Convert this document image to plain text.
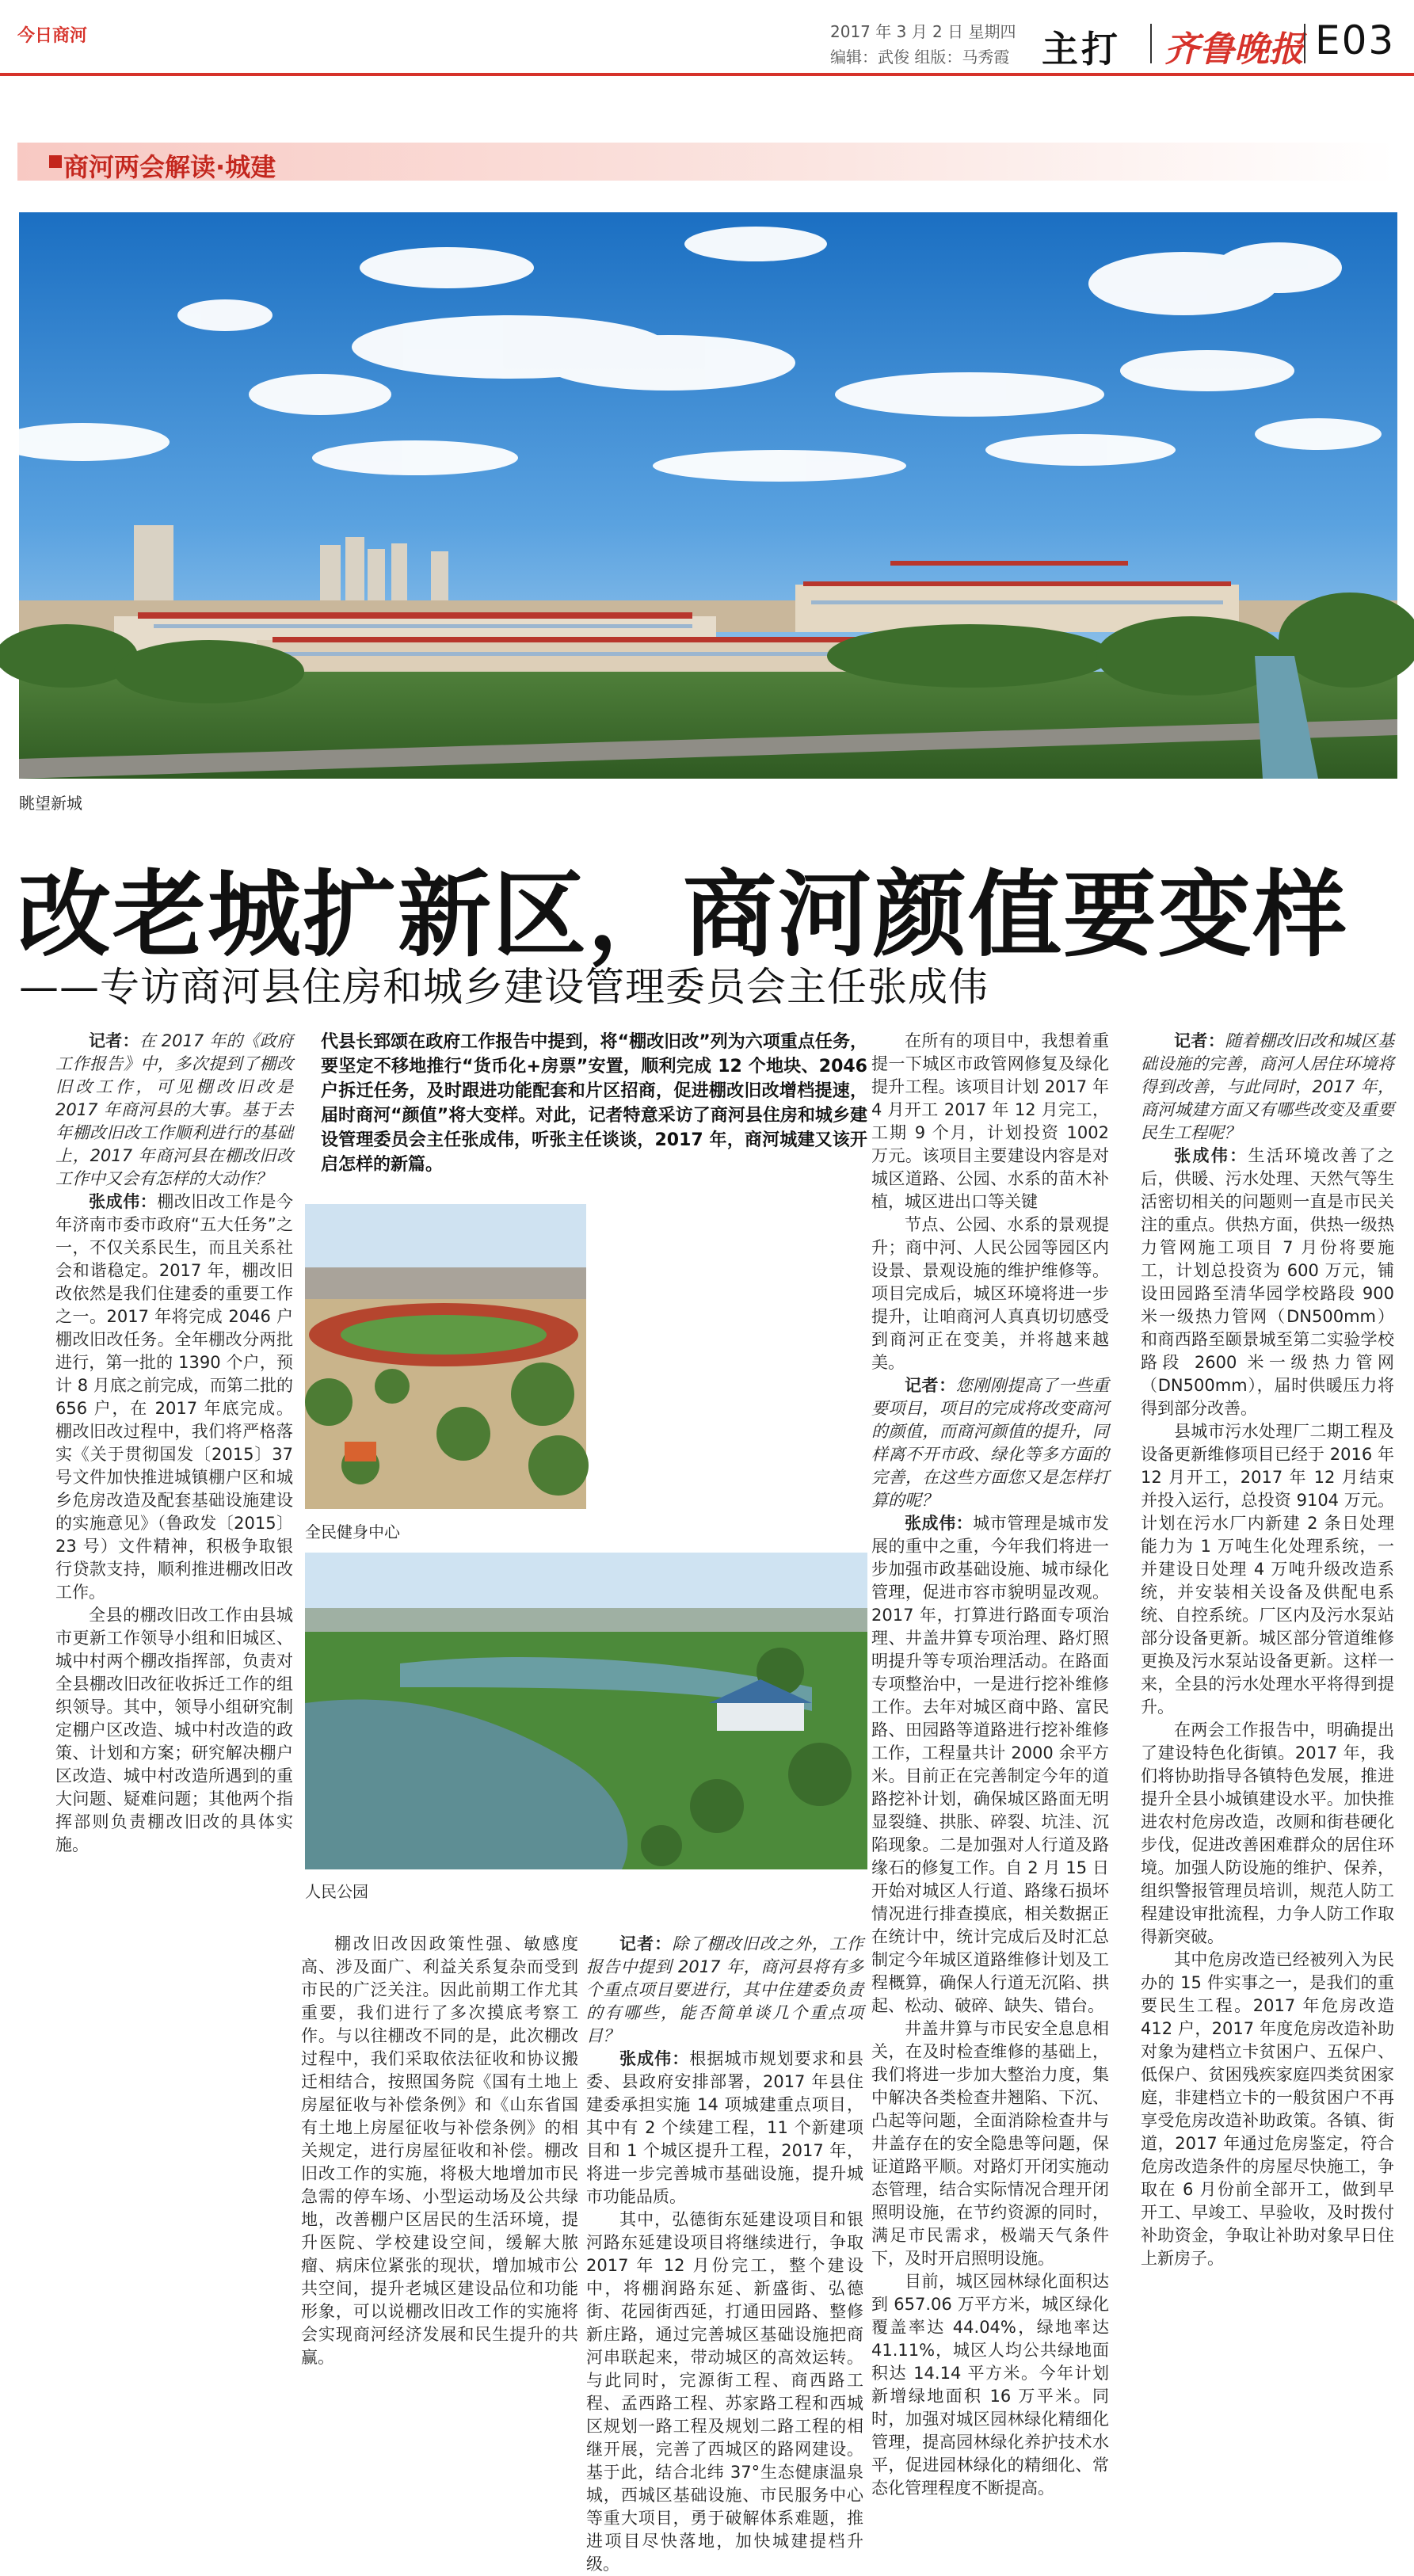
今日商河	2017 年 3 月 2 日 星期四
编辑：武俊 组版：马秀霞 主打 齐鲁晚报 E03
商河两会解读·城建
眺望新城
改老城扩新区，商河颜值要变样
——专访商河县住房和城乡建设管理委员会主任张成伟

记者：在 2017 年的《政府工作报告》中，多次提到了棚改旧改工作，可见棚改旧改是 2017 年商河县的大事。基于去年棚改旧改工作顺利进行的基础上，2017 年商河县在棚改旧改工作中又会有怎样的大动作？

张成伟：棚改旧改工作是今年济南市委市政府“五大任务”之一，不仅关系民生，而且关系社会和谐稳定。2017 年，棚改旧改依然是我们住建委的重要工作之一。2017 年将完成 2046 户棚改旧改任务。全年棚改分两批进行，第一批的 1390 个户，预计 8 月底之前完成，而第二批的 656 户，在 2017 年底完成。棚改旧改过程中，我们将严格落实《关于贯彻国发〔2015〕37 号文件加快推进城镇棚户区和城乡危房改造及配套基础设施建设的实施意见》（鲁政发〔2015〕23 号）文件精神，积极争取银行贷款支持，顺利推进棚改旧改工作。

全县的棚改旧改工作由县城市更新工作领导小组和旧城区、城中村两个棚改指挥部，负责对全县棚改旧改征收拆迁工作的组织领导。其中，领导小组研究制定棚户区改造、城中村改造的政策、计划和方案；研究解决棚户区改造、城中村改造所遇到的重大问题、疑难问题；其他两个指挥部则负责棚改旧改的具体实施。

代县长郅颂在政府工作报告中提到，将“棚改旧改”列为六项重点任务，要坚定不移地推行“货币化+房票”安置，顺利完成 12 个地块、2046 户拆迁任务，及时跟进功能配套和片区招商，促进棚改旧改增档提速，届时商河“颜值”将大变样。对此，记者特意采访了商河县住房和城乡建设管理委员会主任张成伟，听张主任谈谈，2017 年，商河城建又该开启怎样的新篇。
全民健身中心
人民公园

棚改旧改因政策性强、敏感度高、涉及面广、利益关系复杂而受到市民的广泛关注。因此前期工作尤其重要，我们进行了多次摸底考察工作。与以往棚改不同的是，此次棚改过程中，我们采取依法征收和协议搬迁相结合，按照国务院《国有土地上房屋征收与补偿条例》和《山东省国有土地上房屋征收与补偿条例》的相关规定，进行房屋征收和补偿。棚改旧改工作的实施，将极大地增加市民急需的停车场、小型运动场及公共绿地，改善棚户区居民的生活环境，提升医院、学校建设空间，缓解大脓瘤、病床位紧张的现状，增加城市公共空间，提升老城区建设品位和功能形象，可以说棚改旧改工作的实施将会实现商河经济发展和民生提升的共赢。

记者：除了棚改旧改之外，工作报告中提到 2017 年，商河县将有多个重点项目要进行，其中住建委负责的有哪些，能否简单谈几个重点项目？

张成伟：根据城市规划要求和县委、县政府安排部署，2017 年县住建委承担实施 14 项城建重点项目，其中有 2 个续建工程，11 个新建项目和 1 个城区提升工程，2017 年，将进一步完善城市基础设施，提升城市功能品质。

其中，弘德街东延建设项目和银河路东延建设项目将继续进行，争取 2017 年 12 月份完工，整个建设中，将棚润路东延、新盛街、弘德街、花园街西延，打通田园路、整修新庄路，通过完善城区基础设施把商河串联起来，带动城区的高效运转。与此同时，完源街工程、商西路工程、孟西路工程、苏家路工程和西城区规划一路工程及规划二路工程的相继开展，完善了西城区的路网建设。基于此，结合北纬 37°生态健康温泉城，西城区基础设施、市民服务中心等重大项目，勇于破解体系难题，推进项目尽快落地，加快城建提档升级。

在所有的项目中，我想着重提一下城区市政管网修复及绿化提升工程。该项目计划 2017 年 4 月开工 2017 年 12 月完工，工期 9 个月，计划投资 1002 万元。该项目主要建设内容是对城区道路、公园、水系的苗木补植，城区进出口等关键

节点、公园、水系的景观提升；商中河、人民公园等园区内设景、景观设施的维护维修等。项目完成后，城区环境将进一步提升，让咱商河人真真切切感受到商河正在变美，并将越来越美。

记者：您刚刚提高了一些重要项目，项目的完成将改变商河的颜值，而商河颜值的提升，同样离不开市政、绿化等多方面的完善，在这些方面您又是怎样打算的呢？

张成伟：城市管理是城市发展的重中之重，今年我们将进一步加强市政基础设施、城市绿化管理，促进市容市貌明显改观。2017 年，打算进行路面专项治理、井盖井算专项治理、路灯照明提升等专项治理活动。在路面专项整治中，一是进行挖补维修工作。去年对城区商中路、富民路、田园路等道路进行挖补维修工作，工程量共计 2000 余平方米。目前正在完善制定今年的道路挖补计划，确保城区路面无明显裂缝、拱胀、碎裂、坑洼、沉陷现象。二是加强对人行道及路缘石的修复工作。自 2 月 15 日开始对城区人行道、路缘石损坏情况进行排查摸底，相关数据正在统计中，统计完成后及时汇总制定今年城区道路维修计划及工程概算，确保人行道无沉陷、拱起、松动、破碎、缺失、错台。

井盖井算与市民安全息息相关，在及时检查维修的基础上，我们将进一步加大整治力度，集中解决各类检查井翘陷、下沉、凸起等问题，全面消除检查井与井盖存在的安全隐患等问题，保证道路平顺。对路灯开闭实施动态管理，结合实际情况合理开闭照明设施，在节约资源的同时，满足市民需求，极端天气条件下，及时开启照明设施。

目前，城区园林绿化面积达到 657.06 万平方米，城区绿化覆盖率达 44.04%，绿地率达 41.11%，城区人均公共绿地面积达 14.14 平方米。今年计划新增绿地面积 16 万平米。同时，加强对城区园林绿化精细化管理，提高园林绿化养护技术水平，促进园林绿化的精细化、常态化管理程度不断提高。

记者：随着棚改旧改和城区基础设施的完善，商河人居住环境将得到改善，与此同时，2017 年，商河城建方面又有哪些改变及重要民生工程呢？

张成伟：生活环境改善了之后，供暖、污水处理、天然气等生活密切相关的问题则一直是市民关注的重点。供热方面，供热一级热力管网施工项目 7 月份将要施工，计划总投资为 600 万元，铺设田园路至清华园学校路段 900 米一级热力管网（DN500mm）和商西路至颐景城至第二实验学校路段 2600 米一级热力管网（DN500mm），届时供暖压力将得到部分改善。

县城市污水处理厂二期工程及设备更新维修项目已经于 2016 年 12 月开工，2017 年 12 月结束并投入运行，总投资 9104 万元。计划在污水厂内新建 2 条日处理能力为 1 万吨生化处理系统，一并建设日处理 4 万吨升级改造系统，并安装相关设备及供配电系统、自控系统。厂区内及污水泵站部分设备更新。城区部分管道维修更换及污水泵站设备更新。这样一来，全县的污水处理水平将得到提升。

在两会工作报告中，明确提出了建设特色化街镇。2017 年，我们将协助指导各镇特色发展，推进提升全县小城镇建设水平。加快推进农村危房改造，改厕和街巷硬化步伐，促进改善困难群众的居住环境。加强人防设施的维护、保养，组织警报管理员培训，规范人防工程建设审批流程，力争人防工作取得新突破。

其中危房改造已经被列入为民办的 15 件实事之一，是我们的重要民生工程。2017 年危房改造 412 户，2017 年度危房改造补助对象为建档立卡贫困户、五保户、低保户、贫困残疾家庭四类贫困家庭，非建档立卡的一般贫困户不再享受危房改造补助政策。各镇、街道，2017 年通过危房鉴定，符合危房改造条件的房屋尽快施工，争取在 6 月份前全部开工，做到早开工、早竣工、早验收，及时拨付补助资金，争取让补助对象早日住上新房子。
